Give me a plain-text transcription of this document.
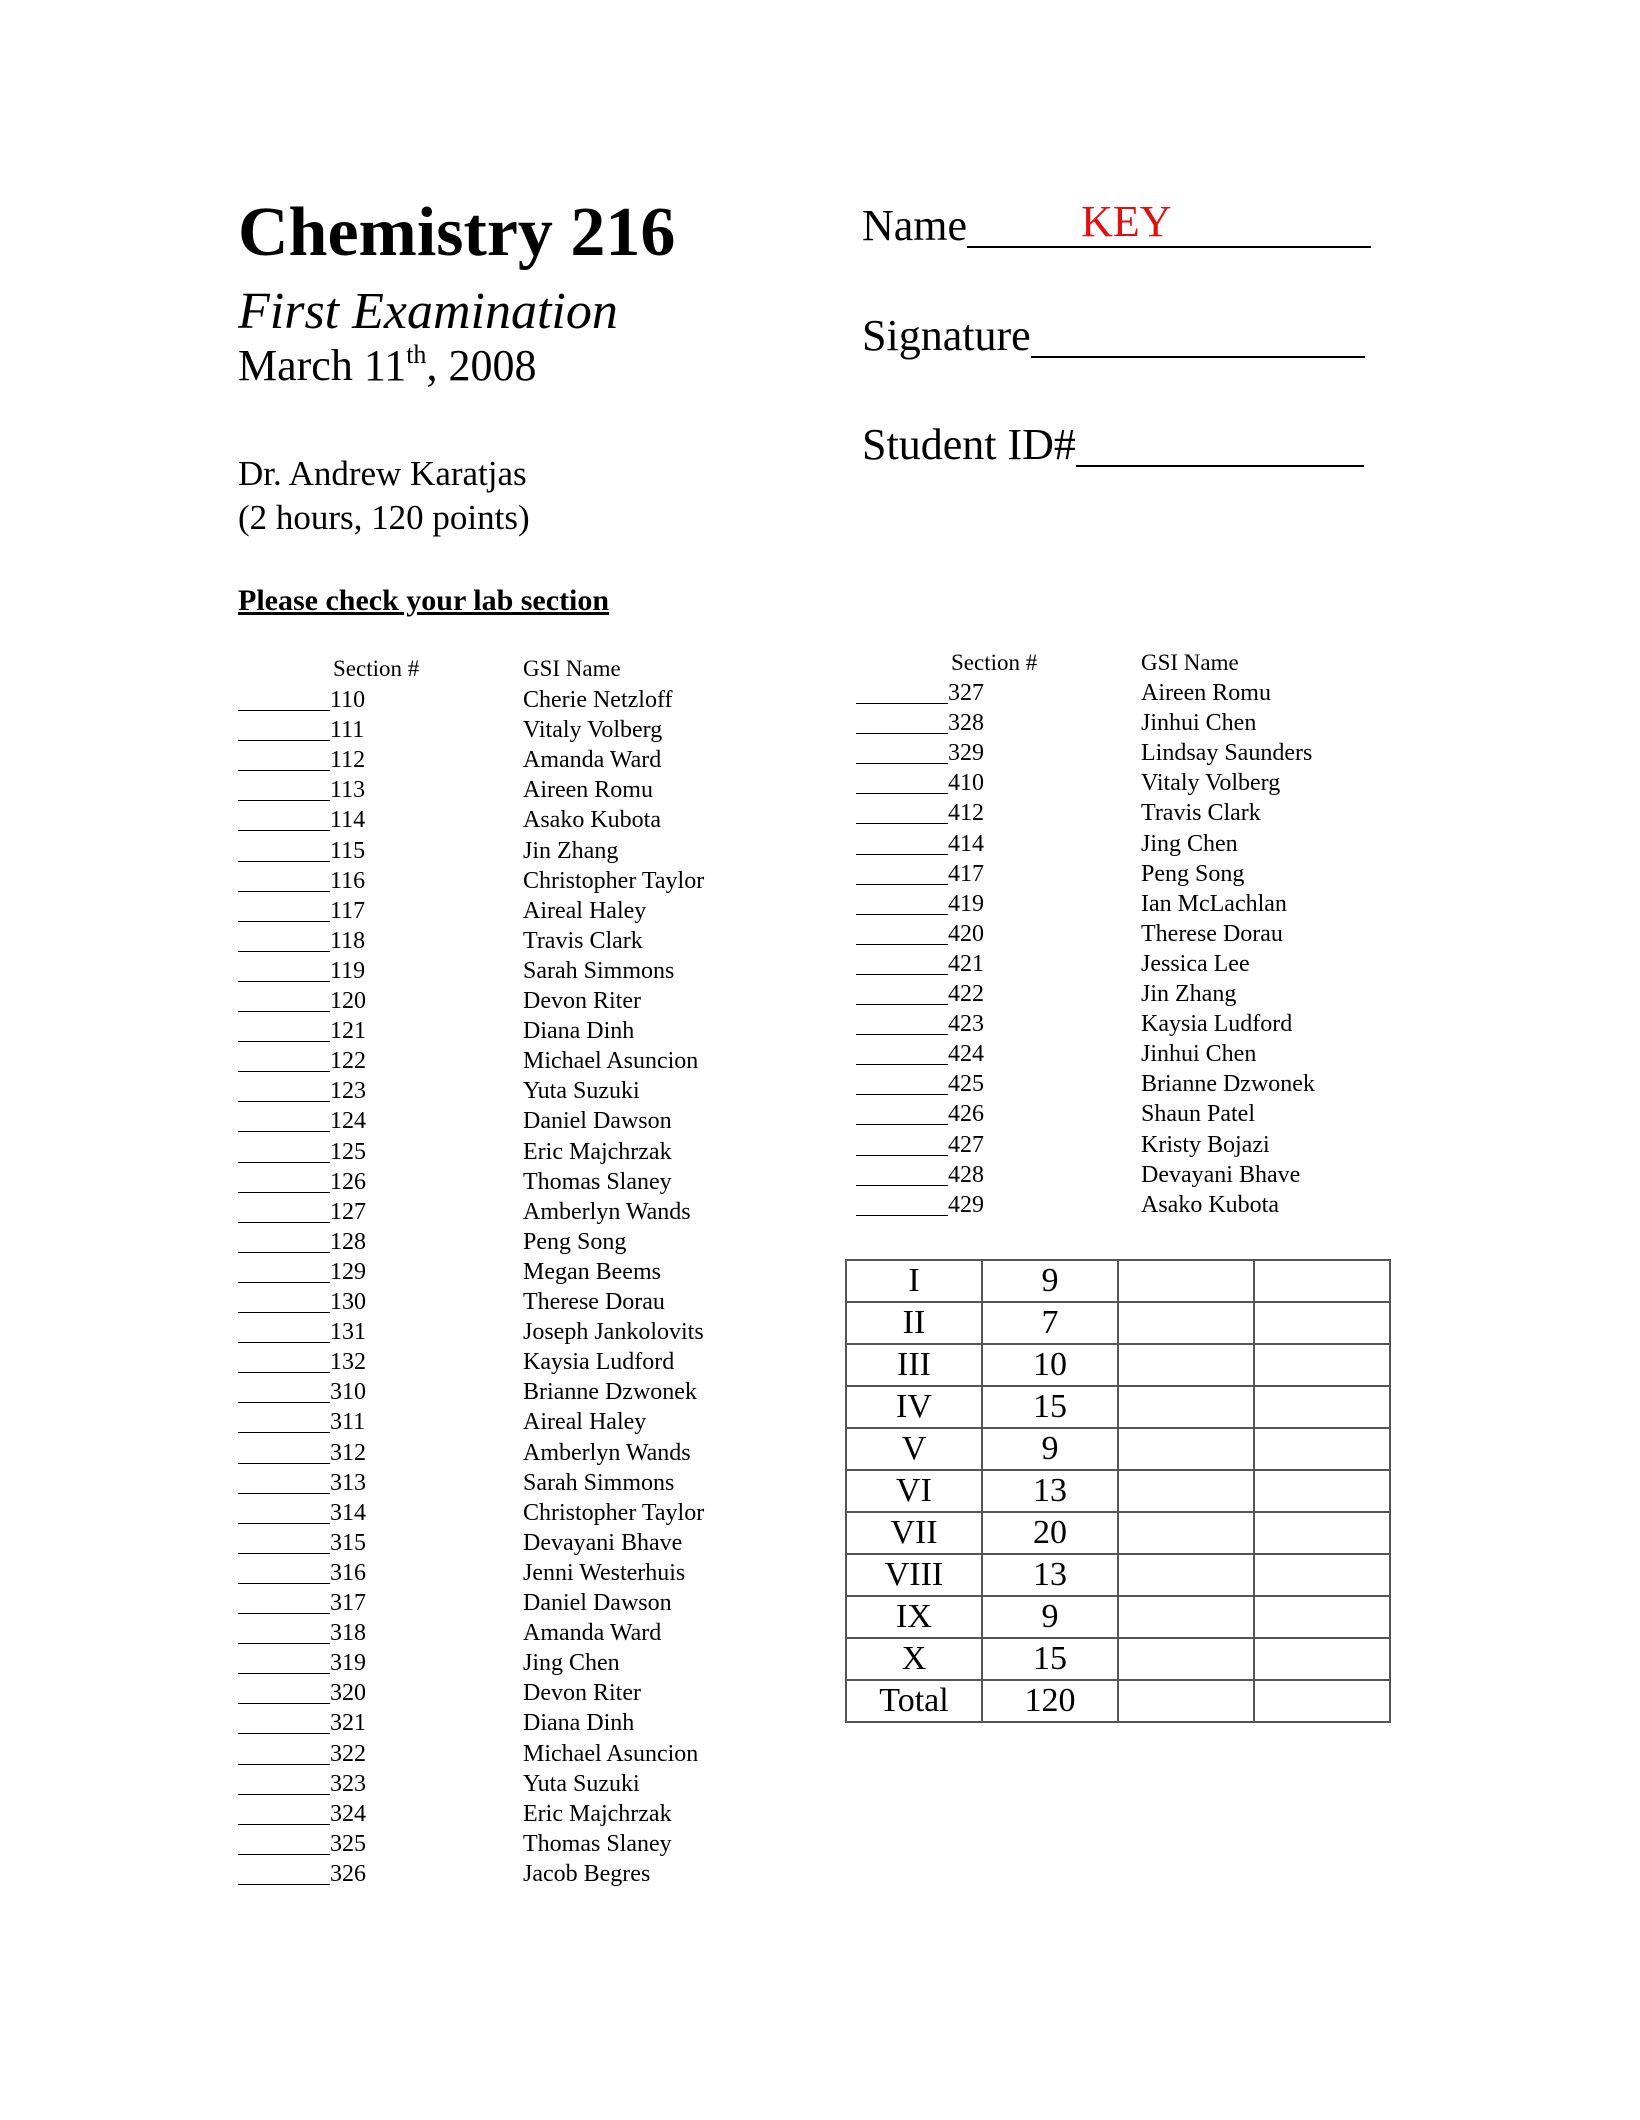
Chemistry 216
First Examination
March 11th, 2008
Dr. Andrew Karatjas
(2 hours, 120 points)
Name	KEY
Signature
Student ID#
Please check your lab section
Section #	GSI Name	Section #	GSI Name
110	Cherie Netzloff
111	Vitaly Volberg
112	Amanda Ward
113	Aireen Romu
114	Asako Kubota
115	Jin Zhang
116	Christopher Taylor
117	Aireal Haley
118	Travis Clark
119	Sarah Simmons
120	Devon Riter
121	Diana Dinh
122	Michael Asuncion
123	Yuta Suzuki
124	Daniel Dawson
125	Eric Majchrzak
126	Thomas Slaney
127	Amberlyn Wands
128	Peng Song
129	Megan Beems
130	Therese Dorau
131	Joseph Jankolovits
132	Kaysia Ludford
310	Brianne Dzwonek
311	Aireal Haley
312	Amberlyn Wands
313	Sarah Simmons
314	Christopher Taylor
315	Devayani Bhave
316	Jenni Westerhuis
317	Daniel Dawson
318	Amanda Ward
319	Jing Chen
320	Devon Riter
321	Diana Dinh
322	Michael Asuncion
323	Yuta Suzuki
324	Eric Majchrzak
325	Thomas Slaney
326	Jacob Begres
327	Aireen Romu
328	Jinhui Chen
329	Lindsay Saunders
410	Vitaly Volberg
412	Travis Clark
414	Jing Chen
417	Peng Song
419	Ian McLachlan
420	Therese Dorau
421	Jessica Lee
422	Jin Zhang
423	Kaysia Ludford
424	Jinhui Chen
425	Brianne Dzwonek
426	Shaun Patel
427	Kristy Bojazi
428	Devayani Bhave
429	Asako Kubota
I	9		
II	7		
III	10		
IV	15		
V	9		
VI	13		
VII	20		
VIII	13		
IX	9		
X	15		
Total	120		
